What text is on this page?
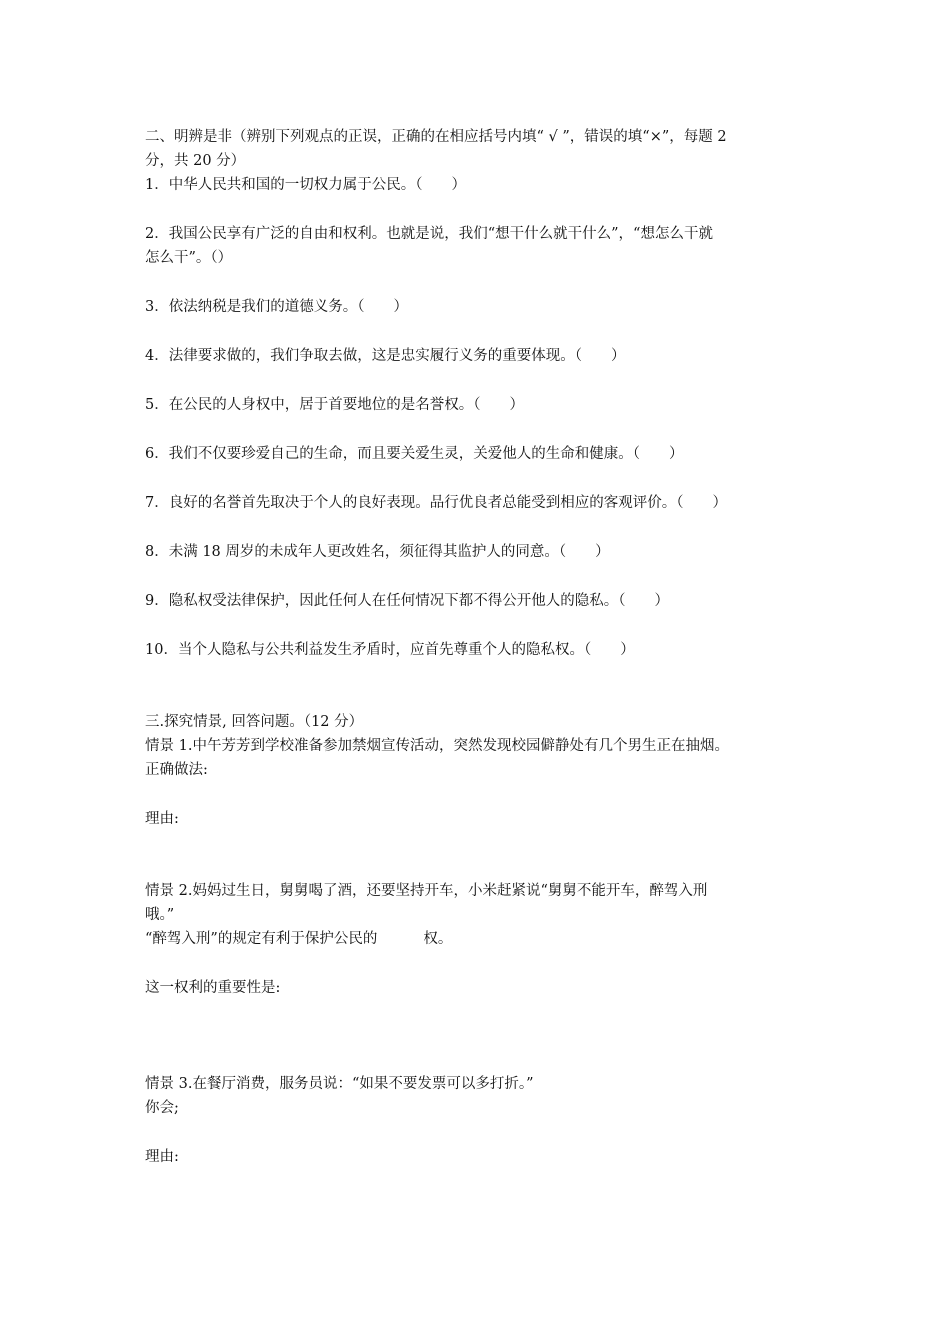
二、明辨是非（辨别下列观点的正误，正确的在相应括号内填“ √ ”，错误的填“×”，每题 2

分，共 20 分）

1．中华人民共和国的一切权力属于公民。（　　）

2．我国公民享有广泛的自由和权利。也就是说，我们“想干什么就干什么”，“想怎么干就

怎么干”。（）

3．依法纳税是我们的道德义务。（　　）

4．法律要求做的，我们争取去做，这是忠实履行义务的重要体现。（　　）

5．在公民的人身权中，居于首要地位的是名誉权。（　　）

6．我们不仅要珍爱自己的生命，而且要关爱生灵，关爱他人的生命和健康。（　　）

7．良好的名誉首先取决于个人的良好表现。品行优良者总能受到相应的客观评价。（　　）

8．未满 18 周岁的未成年人更改姓名，须征得其监护人的同意。（　　）

9．隐私权受法律保护，因此任何人在任何情况下都不得公开他人的隐私。（　　）

10．当个人隐私与公共利益发生矛盾时，应首先尊重个人的隐私权。（　　）

三.探究情景, 回答问题。（12 分）

情景 1.中午芳芳到学校准备参加禁烟宣传活动，突然发现校园僻静处有几个男生正在抽烟。

正确做法:

理由:

情景 2.妈妈过生日，舅舅喝了酒，还要坚持开车，小米赶紧说“舅舅不能开车，醉驾入刑

哦。”

“醉驾入刑”的规定有利于保护公民的	权。

这一权利的重要性是:

情景 3.在餐厅消费，服务员说：“如果不要发票可以多打折。”

你会;

理由:
